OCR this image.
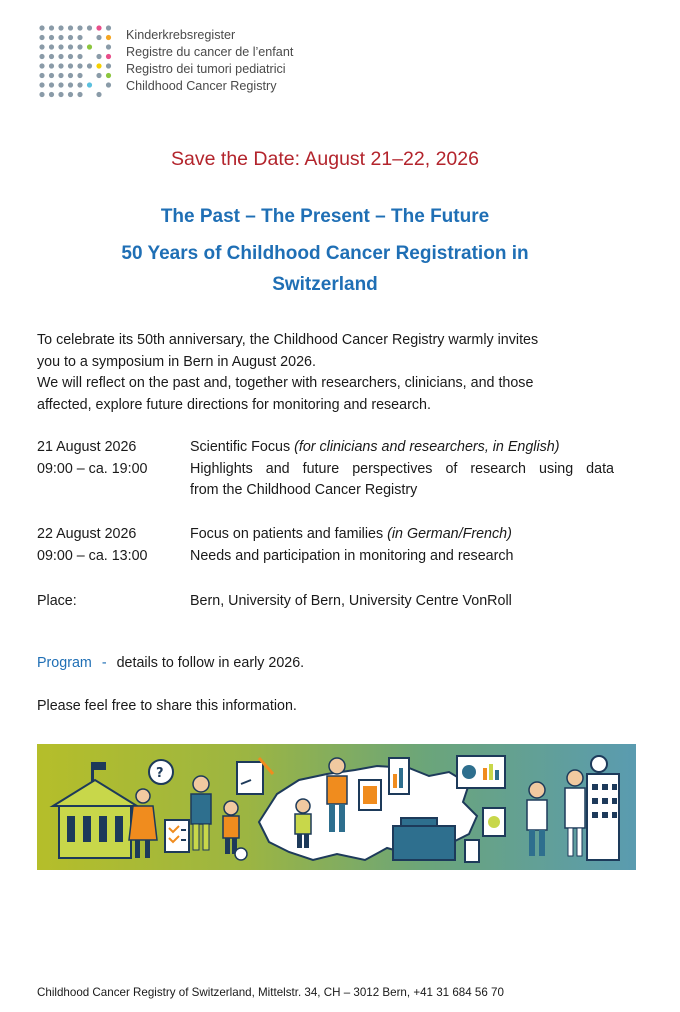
Kinderkrebsregister
Registre du cancer de l’enfant
Registro dei tumori pediatrici
Childhood Cancer Registry
Save the Date: August 21–22, 2026
The Past – The Present – The Future
50 Years of Childhood Cancer Registration in
Switzerland

To celebrate its 50th anniversary, the Childhood Cancer Registry warmly invites

you to a symposium in Bern in August 2026.

We will reflect on the past and, together with researchers, clinicians, and those

affected, explore future directions for monitoring and research.

21 August 2026	Scientific Focus (for clinicians and researchers, in English)
09:00 – ca. 19:00	Highlights and future perspectives of research using data
from the Childhood Cancer Registry
22 August 2026	Focus on patients and families (in German/French)
09:00 – ca. 13:00	Needs and participation in monitoring and research
Place:	Bern, University of Bern, University Centre VonRoll
Program - details to follow in early 2026.
Please feel free to share this information.
?
Childhood Cancer Registry of Switzerland, Mittelstr. 34, CH – 3012 Bern, +41 31 684 56 70
